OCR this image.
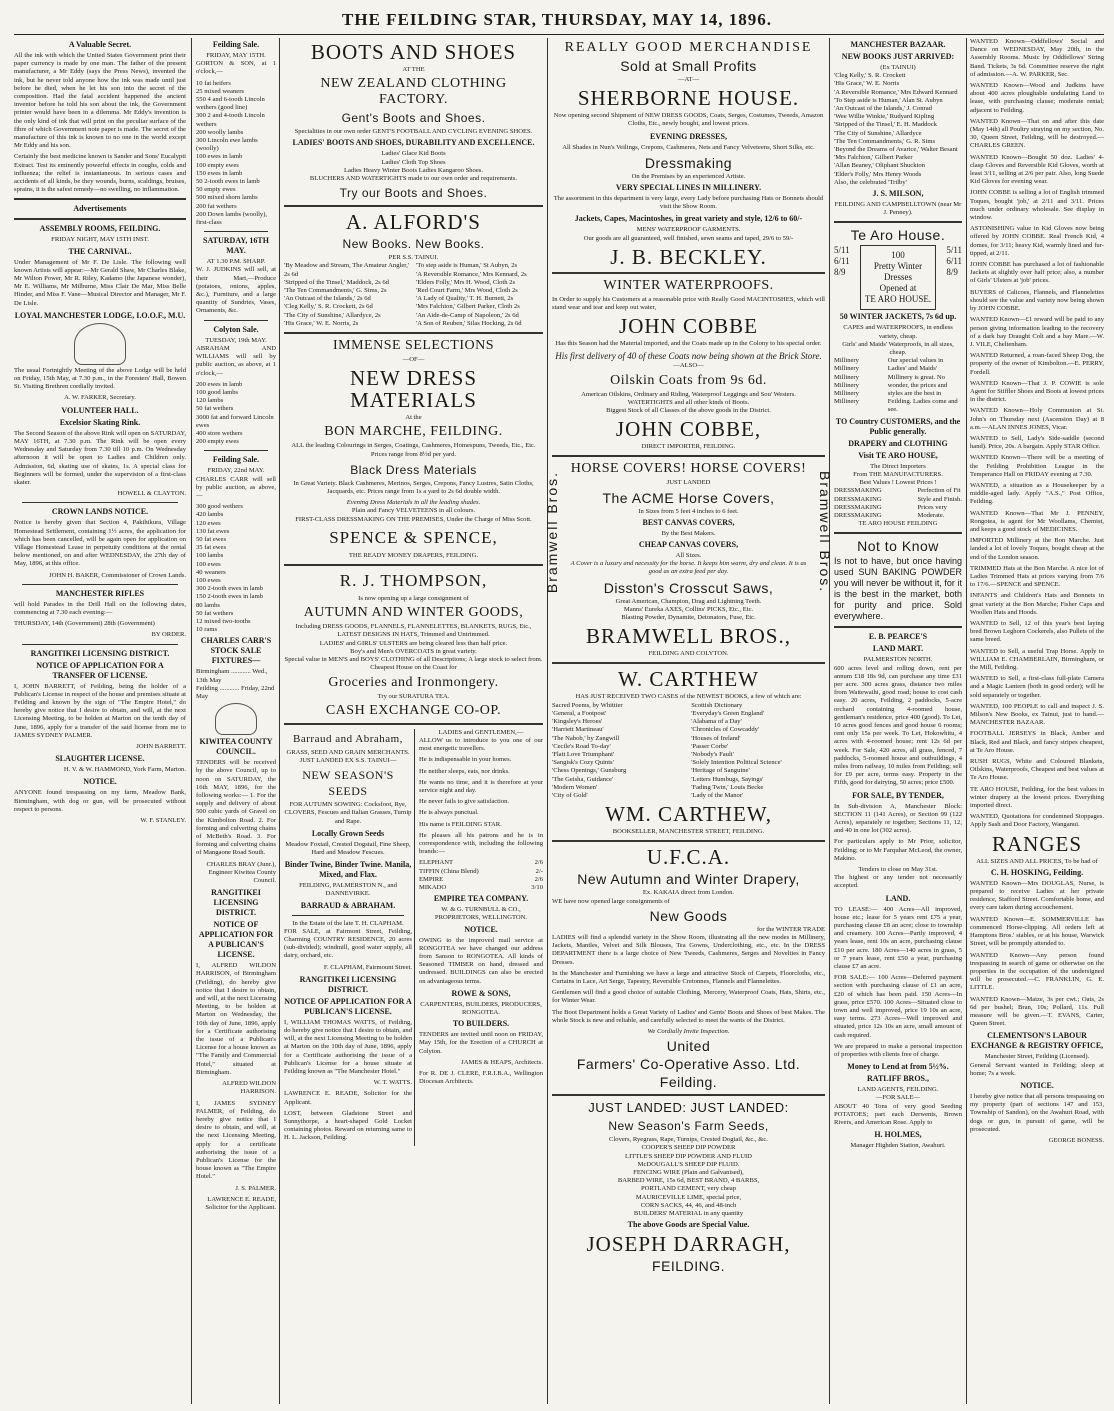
THE FEILDING STAR, THURSDAY, MAY 14, 1896.
A Valuable Secret.

All the ink with which the United States Government print their paper currency is made by one man. The father of the present manufacturer, a Mr Eddy (says the Press News), invented the ink, but he never told anyone how the ink was made until just before he died, when he let his son into the secret of the composition. Had the fatal accident happened the ancient inventor before he told his son about the ink, the Government printer would have been in a dilemma. Mr Eddy's invention is the only kind of ink that will print on the peculiar surface of the fibre of which Government note paper is made. The secret of the manufacture of this ink is known to no one in the world except Mr Eddy and his son.

Certainly the best medicine known is Sander and Sons' Eucalypti Extract. Test its eminently powerful effects in coughs, colds and influenza; the relief is instantaneous. In serious cases and accidents of all kinds, be they wounds, burns, scaldings, bruises, sprains, it is the safest remedy—no swelling, no inflammation.

Advertisements
ASSEMBLY ROOMS, FEILDING.
FRIDAY NIGHT, MAY 15TH INST.
THE CARNIVAL.

Under Management of Mr F. De Lisle. The following well known Artists will appear:—Mr Gerald Shaw, Mr Charles Blake, Mr Wilton Power, Mr R. Riley, Kadamo (the Japanese wonder), Mr E. Williams, Mr Milburne, Miss Clair De Mar, Miss Belle Hinder, and Miss F. Vane—Musical Director and Manager, Mr F. De Lisle.

LOYAL MANCHESTER LODGE, I.O.O.F., M.U.

The usual Fortnightly Meeting of the above Lodge will be held on Friday, 15th May, at 7.30 p.m., in the Foresters' Hall, Bowen St. Visiting Brethren cordially invited.

A. W. FARKER, Secretary.

VOLUNTEER HALL.
Excelsior Skating Rink.

The Second Season of the above Rink will open on SATURDAY, MAY 16TH, at 7.30 p.m. The Rink will be open every Wednesday and Saturday from 7.30 till 10 p.m. On Wednesday afternoon it will be open to Ladies and Children only. Admission, 6d, skating use of skates, 1s. A special class for Beginners will be formed, under the supervision of a first-class skater.

HOWELL & CLAYTON.

CROWN LANDS NOTICE.

Notice is hereby given that Section 4, Pakihikura, Village Homestead Settlement, containing 1½ acres, the application for which has been cancelled, will be again open for application on Village Homestead Lease in perpetuity conditions at the rental below mentioned, on and after WEDNESDAY, the 27th day of May, 1896, at this office.

JOHN H. BAKER, Commissioner of Crown Lands.

MANCHESTER RIFLES

will hold Parades in the Drill Hall on the following dates, commencing at 7.30 each evening:—

THURSDAY, 14th (Government) 28th (Government)

BY ORDER.

RANGITIKEI LICENSING DISTRICT.
NOTICE OF APPLICATION FOR A TRANSFER OF LICENSE.

I, JOHN BARRETT, of Feilding, being the holder of a Publican's License in respect of the house and premises situate at Feilding and known by the sign of "The Empire Hotel," do hereby give notice that I desire to obtain, and will, at the next Licensing Meeting, to be holden at Marton on the tenth day of June, 1896, apply for a transfer of the said license from me to JAMES SYDNEY PALMER.

JOHN BARRETT.

SLAUGHTER LICENSE.

H. V. & W. HAMMOND, York Farm, Marton.

NOTICE.

ANYONE found trespassing on my farm, Meadow Bank, Birmingham, with dog or gun, will be prosecuted without respect to persons.

W. F. STANLEY.

Feilding Sale.
FRIDAY, MAY 15TH.

GORTON & SON, at 1 o'clock,—

10 fat heifers
25 mixed weaners
550 4 and 6-tooth Lincoln wethers (good line)
300 2 and 4-tooth Lincoln wethers
200 woolly lambs
300 Lincoln ewe lambs (woolly)
100 ewes in lamb
100 empty ewes
150 ewes in lamb
50 2-tooth ewes in lamb
50 empty ewes
500 mixed shorn lambs
200 fat wethers
200 Down lambs (woolly), first-class
SATURDAY, 16TH MAY.
AT 1.30 P.M. SHARP.

W. J. JUDKINS will sell, at their Mart,—Produce (potatoes, onions, apples, &c.), Furniture, and a large quantity of Sundries, Vases, Ornaments, &c.

Colyton Sale.
TUESDAY, 19th MAY.

ABRAHAM AND WILLIAMS will sell by public auction, as above, at 1 o'clock,—

200 ewes in lamb
100 good lambs
120 lambs
50 fat wethers
3000 fat and forward Lincoln ewes
400 store wethers
200 empty ewes
Feilding Sale.
FRIDAY, 22nd MAY.

CHARLES CARR will sell by public auction, as above,—

300 good wethers
420 lambs
120 ewes
130 fat ewes
50 fat ewes
35 fat ewes
100 lambs
100 ewes
40 weaners
100 ewes
300 2-tooth ewes in lamb
150 2-tooth ewes in lamb
80 lambs
50 fat wethers
12 mixed two-tooths
10 rams
CHARLES CARR'S STOCK SALE FIXTURES—
Birmingham ............ Wed., 13th May
Feilding ............ Friday, 22nd May
KIWITEA COUNTY COUNCIL.

TENDERS will be received by the above Council, up to noon on SATURDAY, the 16th MAY, 1896, for the following works:— 1. For the supply and delivery of about 500 cubic yards of Gravel on the Kimbolton Road. 2. For forming and culverting chains of McBeth's Road. 3. For forming and culverting chains of Mangaone Road South.

CHARLES BRAY (Junr.), Engineer Kiwitea County Council.

RANGITIKEI LICENSING DISTRICT.
NOTICE OF APPLICATION FOR A PUBLICAN'S LICENSE.

I, ALFRED WILDON HARRISON, of Birmingham (Feilding), do hereby give notice that I desire to obtain, and will, at the next Licensing Meeting, to be holden at Marton on Wednesday, the 10th day of June, 1896, apply for a Certificate authorising the issue of a Publican's License for a house known as "The Family and Commercial Hotel," situated at Birmingham.

ALFRED WILDON HARRISON.

I, JAMES SYDNEY PALMER, of Feilding, do hereby give notice that I desire to obtain, and will, at the next Licensing Meeting, apply for a certificate authorising the issue of a Publican's License for the house known as "The Empire Hotel."

J. S. PALMER.

LAWRENCE E. READE, Solicitor for the Applicant.

BOOTS AND SHOES
AT THE
NEW ZEALAND CLOTHING FACTORY.
Gent's Boots and Shoes.
Specialities in our own order GENT'S FOOTBALL AND CYCLING EVENING SHOES.
LADIES' BOOTS AND SHOES, DURABILITY AND EXCELLENCE.
Ladies' Glace Kid Boots
Ladies' Cloth Top Shoes
Ladies Heavy Winter Boots Ladies Kangaroo Shoes.
BLUCHERS AND WATERTIGHTS made to our own order and requirements.
Try our Boots and Shoes.
A. ALFORD'S
New Books. New Books.
PER S.S. TAINUI.
'By Meadow and Stream, The Amateur Angler,' 2s 6d
'Stripped of the Tinsel,' Maddock, 2s 6d
'The Ten Commandments,' G. Sims, 2s
'An Outcast of the Islands,' 2s 6d
'Cleg Kelly,' S. R. Crockett, 2s 6d
'The City of Sunshine,' Allardyce, 2s
'His Grace,' W. E. Norris, 2s
'To step aside is Human,' St Aubyn, 2s
'A Reversible Romance,' Mrs Kennard, 2s
'Elders Folly,' Mrs H. Wood, Cloth 2s
'Red Court Farm,' Mrs Wood, Cloth 2s
'A Lady of Quality,' T. H. Burnett, 2s
'Mrs Falchion,' Gilbert Parker, Cloth 2s
'An Aide-de-Camp of Napoleon,' 2s 6d
'A Son of Reuben,' Silas Hocking, 2s 6d
IMMENSE SELECTIONS
—OF—
NEW DRESS MATERIALS
At the
BON MARCHE, FEILDING.

ALL the leading Colourings in Serges, Coatings, Cashmeres, Homespuns, Tweeds, Etc., Etc. Prices range from 8½d per yard.

Black Dress Materials

In Great Variety. Black Cashmeres, Merinos, Serges, Crepons, Fancy Lustres, Satin Cloths, Jacquards, etc. Prices range from 1s a yard to 2s 6d double width.

Evening Dress Materials in all the leading shades.
Plain and Fancy VELVETEENS in all colours.
FIRST-CLASS DRESSMAKING ON THE PREMISES, Under the Charge of Miss Scott.
SPENCE & SPENCE,
THE READY MONEY DRAPERS, FEILDING.
R. J. THOMPSON,
Is now opening up a large consignment of
AUTUMN AND WINTER GOODS,
Including DRESS GOODS, FLANNELS, FLANNELETTES, BLANKETS, RUGS, Etc.,
LATEST DESIGNS IN HATS, Trimmed and Untrimmed.
LADIES' and GIRLS' ULSTERS are being cleared less than half price.
Boy's and Men's OVERCOATS in great variety.
Special value in MEN'S and BOYS' CLOTHING of all Descriptions; A large stock to select from.
Cheapest House on the Coast for
Groceries and Ironmongery.
Try our SURATURA TEA.
CASH EXCHANGE CO-OP.
Barraud and Abraham,
GRASS, SEED AND GRAIN MERCHANTS.
JUST LANDED EX S.S. TAINUI—
NEW SEASON'S SEEDS

FOR AUTUMN SOWING: Cocksfoot, Rye, CLOVERS, Fescues and Italian Grasses, Turnip and Rape.

Locally Grown Seeds

Meadow Foxtail, Crested Dogstail, Fine Sheep, Hard and Meadow Fescues.

Binder Twine, Binder Twine. Manila, Mixed, and Flax.
FEILDING, PALMERSTON N., and DANNEVIRKE.
BARRAUD & ABRAHAM.
In the Estate of the late T. H. CLAPHAM.

FOR SALE, at Fairmont Street, Feilding, Charming COUNTRY RESIDENCE, 20 acres (sub-divided); windmill, good water supply, all dairy, orchard, etc.

F. CLAPHAM, Fairmount Street.

RANGITIKEI LICENSING DISTRICT.
NOTICE OF APPLICATION FOR A PUBLICAN'S LICENSE.

I, WILLIAM THOMAS WATTS, of Feilding, do hereby give notice that I desire to obtain, and will, at the next Licensing Meeting to be holden at Marton on the 10th day of June, 1896, apply for a Certificate authorising the issue of a Publican's License for a house situate at Feilding known as "The Manchester Hotel."

W. T. WATTS.

LAWRENCE E. READE, Solicitor for the Applicant.

LOST, between Gladstone Street and Sunnythorpe, a heart-shaped Gold Locket containing photos. Reward on returning same to H. L. Jackson, Feilding.

LADIES and GENTLEMEN,—

ALLOW us to introduce to you one of our most energetic travellers.

He is indispensable in your homes.

He neither sleeps, eats, nor drinks.

He wants no time, and it is therefore at your service night and day.

He never fails to give satisfaction.

He is always punctual.

His name is FEILDING STAR.

He pleases all his patrons and he is in correspondence with, including the following brands:—

ELEPHANT	2/6
TIFFIN (China Blend)	2/-
EMPIRE	2/6
MIKADO	3/10
EMPIRE TEA COMPANY.
W. & G. TURNBULL & CO., PROPRIETORS, WELLINGTON.
NOTICE.

OWING to the improved mail service at RONGOTEA we have changed our address from Sanson to RONGOTEA. All kinds of Seasoned TIMBER on hand, dressed and undressed. BUILDINGS can also be erected on advantageous terms.

ROWE & SONS,
CARPENTERS, BUILDERS, PRODUCERS, RONGOTEA.
TO BUILDERS.

TENDERS are invited until noon on FRIDAY, May 15th, for the Erection of a CHURCH at Colyton.

JAMES & HEAPS, Architects.

For R. DE J. CLERE, F.R.I.B.A., Wellington Diocesan Architects.

REALLY GOOD MERCHANDISE
Sold at Small Profits
—AT—
SHERBORNE HOUSE.

Now opening second Shipment of NEW DRESS GOODS, Coats, Serges, Costumes, Tweeds, Amazon Cloths, Etc., newly bought, and lowest prices.

EVENING DRESSES,

All Shades in Nun's Veilings, Crepons, Cashmeres, Nets and Fancy Velveteens, Short Silks, etc.

Dressmaking
On the Premises by an experienced Artiste.
VERY SPECIAL LINES IN MILLINERY.

The assortment in this department is very large, every Lady before purchasing Hats or Bonnets should visit the Show Room.

Jackets, Capes, Macintoshes, in great variety and style, 12/6 to 60/-
MENS' WATERPROOF GARMENTS.
Our goods are all guaranteed, well finished, sewn seams and taped, 29/6 to 59/-
J. B. BECKLEY.
WINTER WATERPROOFS.

In Order to supply his Customers at a reasonable price with Really Good MACINTOSHES, which will stand wear and tear and keep out water,

JOHN COBBE

Has this Season had the Material imported, and the Coats made up in the Colony to his special order.

His first delivery of 40 of these Coats now being shown at the Brick Store.
—ALSO—
Oilskin Coats from 9s 6d.
American Oilskins, Ordinary and Riding, Waterproof Leggings and Sou' Westers.
WATERTIGHTS and all other kinds of Boots.
Biggest Stock of all Classes of the above goods in the District.
JOHN COBBE,
DIRECT IMPORTER, FEILDING.
Bramwell Bros.	Bramwell Bros.
HORSE COVERS! HORSE COVERS!
JUST LANDED
The ACME Horse Covers,
In Sizes from 5 feet 4 inches to 6 feet.
BEST CANVAS COVERS,
By the Best Makers.
CHEAP CANVAS COVERS,
All Sizes.

A Cover is a luxury and necessity for the horse. It keeps him warm, dry and clean. It is as good as an extra feed per day.

Disston's Crosscut Saws,
Great American, Champion, Drag and Lightning Teeth.
Manns' Eureka AXES, Collins' PICKS, Etc., Etc.
Blasting Powder, Dynamite, Detonators, Fuse, Etc.
BRAMWELL BROS.,
FEILDING AND COLYTON.
W. CARTHEW
HAS JUST RECEIVED TWO CASES of the NEWEST BOOKS, a few of which are:
Sacred Poems, by Whittier
'General, a Footpost'
'Kingsley's Heroes'
'Harriett Martineau'
'The Nabob,' by Zangwill
'Cecile's Road To-day'
'Flatt Love Triumphant'
'Sangisk's Cozy Quints'
'Chess Openings,' Gunsburg
'The Geisha, Guidance'
'Modern Women'
'City of Gold'
Scottish Dictionary
'Everyday's Green England'
'Alabama of a Day'
'Chronicles of Cowcaddy'
'Houses of Ireland'
'Passer Corbe'
'Nobody's Fault'
'Solely Intention Political Science'
'Heritage of Sanguine'
'Letters Humbugs, Sayings'
'Fading Twin,' Louis Becke
'Lady of the Manor'
WM. CARTHEW,
BOOKSELLER, MANCHESTER STREET, FEILDING.
U.F.C.A.
New Autumn and Winter Drapery,
Ex. KAKAIA direct from London.
WE have now opened large consignments of
New Goods
for the WINTER TRADE

LADIES will find a splendid variety in the Show Room, illustrating all the new modes in Millinery, Jackets, Mantles, Velvet and Silk Blouses, Tea Gowns, Underclothing, etc., etc. In the DRESS DEPARTMENT there is a large choice of New Tweeds, Cashmeres, Serges and Novelties in Fancy Dresses.

In the Manchester and Furnishing we have a large and attractive Stock of Carpets, Floorcloths, etc., Curtains in Lace, Art Serge, Tapestry, Reversible Cretonnes, Flannels and Flannelettes.

Gentlemen will find a good choice of suitable Clothing, Mercery, Waterproof Coats, Hats, Shirts, etc., for Winter Wear.

The Boot Department holds a Great Variety of Ladies' and Gents' Boots and Shoes of best Makes. The whole Stock is new and reliable, and carefully selected to meet the wants of the District.

We Cordially Invite Inspection.
United
Farmers' Co-Operative Asso. Ltd.
Feilding.
JUST LANDED: JUST LANDED:
New Season's Farm Seeds,
Clovers, Ryegrass, Rape, Turnips, Crested Dogtail, &c., &c.
COOPER'S SHEEP DIP POWDER
LITTLE'S SHEEP DIP POWDER AND FLUID
McDOUGALL'S SHEEP DIP FLUID.
FENCING WIRE (Plain and Galvanised),
BARBED WIRE, 15s 6d, BEST BRAND, 4 BARBS,
PORTLAND CEMENT, very cheap
MAURICEVILLE LIME, special price,
CORN SACKS, 44, 46, and 48-inch
BUILDERS' MATERIAL in any quantity
The above Goods are Special Value.
JOSEPH DARRAGH,
FEILDING.
MANCHESTER BAZAAR.
NEW BOOKS JUST ARRIVED:
(Ex TAINUI)
'Cleg Kelly,' S. R. Crockett
'His Grace,' W. E. Norris
'A Reversible Romance,' Mrs Edward Kennard
'To Step aside is Human,' Alan St. Aubyn
'An Outcast of the Islands,' J. Conrad
'Wee Willie Winkie,' Rudyard Kipling
'Stripped of the Tinsel,' E. H. Maddock
'The City of Sunshine,' Allardyce
'The Ten Commandments,' G. R. Sims
'Beyond the Dreams of Avarice,' Walter Besant
'Mrs Falchion,' Gilbert Parker
'Allan Beaney,' Oliphant Shuckton
'Elder's Folly,' Mrs Henry Woods
Also, the celebrated 'Trilby'
J. S. MILSON,
FEILDING AND CAMPBELLTOWN (near Mr J. Penney).
Te Aro House.
5/11
6/11
8/9
100
Pretty Winter
Dresses
Opened at
TE ARO HOUSE.
5/11
6/11
8/9
50 WINTER JACKETS, 7s 6d up.
CAPES and WATERPROOFS, in endless variety, cheap.
Girls' and Maids' Waterproofs, in all sizes, cheap.
Millinery
Millinery
Millinery
Millinery
Millinery
Millinery
Our special values in Ladies' and Maids' Millinery is great. No wonder, the prices and styles are the best in Feilding. Ladies come and see.
TO Country CUSTOMERS, and the Public generally.
DRAPERY and CLOTHING
Visit TE ARO HOUSE,
The Direct Importers
From THE MANUFACTURERS.
Best Values ! Lowest Prices !
DRESSMAKING
DRESSMAKING
DRESSMAKING
DRESSMAKING
Perfection of Fit
Style and Finish.
Prices very
Moderate.
TE ARO HOUSE FEILDING
Not to Know

Is not to have, but once having used SUN BAKING POWDER you will never be without it, for it is the best in the market, both for purity and price. Sold everywhere.

E. B. PEARCE'S
LAND MART.
PALMERSTON NORTH.

600 acres level and rolling down, rent per annum £18 18s 9d, can purchase any time £31 per acre. 300 acres grass, distance two miles from Waitewaihi, good road; house to cost cash easy. 20 acres, Feilding, 2 paddocks, 5-acre orchard containing 4-roomed house, gentleman's residence, price 400 (good). To Let, 10 acres good fences and good house 6 rooms; rent only 15s per week. To Let, Hokowhitu, 4 acres with 4-roomed house; rent 12s 6d per week. For Sale, 420 acres, all grass, fenced, 7 paddocks, 5-roomed house and outbuildings, 4 miles from railway, 10 miles from Feilding; sell for £9 per acre, terms easy. Property in the Fifth, good for dairying, 50 acres; price £500.

FOR SALE, BY TENDER,

In Sub-division A, Manchester Block: SECTION 11 (141 Acres), or Section 99 (122 Acres), separately or together; Sections 11, 12, and 40 in one lot (302 acres).

For particulars apply to Mr Prior, solicitor, Feilding; or to Mr Farquhar McLeod, the owner, Makino.

Tenders to close on May 31st.

The highest or any tender not necessarily accepted.

LAND.

TO LEASE:— 400 Acres—All improved, house etc.; lease for 5 years rent £75 a year, purchasing clause £8 an acre; close to township and creamery. 100 Acres—Partly improved, 4 years lease, rent 10s an acre, purchasing clause £10 per acre. 180 Acres—140 acres in grass, 5 or 7 years lease, rent £50 a year, purchasing clause £7 an acre.

FOR SALE:— 100 Acres—Deferred payment section with purchasing clause of £1 an acre, £20 of which has been paid. 150 Acres—In grass, price £570. 100 Acres—Situated close to town and well improved, price 19 10s an acre, easy terms. 273 Acres—Well improved and situated, price 12s 10s an acre, small amount of cash required.

We are prepared to make a personal inspection of properties with clients free of charge.

Money to Lend at from 5½%.
RATLIFF BROS.,
LAND AGENTS, FEILDING.
—FOR SALE—

ABOUT 40 Tons of very good Seeding POTATOES; part each Derwents, Brown Rivers, and American Rose. Apply to

H. HOLMES,
Manager Highden Station, Awahuri.

WANTED Known—Oddfellows' Social and Dance on WEDNESDAY, May 20th, in the Assembly Rooms. Music by Oddfellows' String Band. Tickets, 3s 6d. Committee reserve the right of admission.—A. W. PARKER, Sec.

WANTED Known—Wood and Judkins have about 400 acres ploughable undulating Land to lease, with purchasing clause; moderate rental; adjacent to Feilding.

WANTED Known—That on and after this date (May 14th) all Poultry straying on my section, No. 30, Queen Street, Feilding, will be destroyed.—CHARLES GREEN.

WANTED Known—Bought 50 doz. Ladies' 4-clasp Gloves and Reversible Kid Gloves, worth at least 3/11, selling at 2/6 per pair. Also, long Suede Kid Gloves for evening wear.

JOHN COBBE is selling a lot of English trimmed Toques, bought 'job,' at 2/11 and 3/11. Prices much under ordinary wholesale. See display in window.

ASTONISHING value in Kid Gloves now being offered by JOHN COBBE. Real French Kid, 4 domes, for 3/11; heavy Kid, warmly lined and fur-tipped, at 2/11.

JOHN COBBE has purchased a lot of fashionable Jackets at slightly over half price; also, a number of Girls' Ulsters at 'job' prices.

BUYERS of Calicoes, Flannels, and Flannelettes should see the value and variety now being shown by JOHN COBBE.

WANTED Known—£1 reward will be paid to any person giving information leading to the recovery of a dark bay Draught Colt and a bay Mare.—W. J. VILE, Cheltenham.

WANTED Returned, a roan-faced Sheep Dog, the property of the owner of Kimbolton.—E. PERRY, Fordell.

WANTED Known—That J. P. COWIE is sole Agent for Stiffler Shoes and Boots at lowest prices in the district.

WANTED Known—Holy Communion at St. John's on Thursday next (Ascension Day) at 8 a.m.—ALAN INNES JONES, Vicar.

WANTED to Sell, Lady's Side-saddle (second hand). Price, 20s. A bargain. Apply STAR Office.

WANTED Known—There will be a meeting of the Feilding Prohibition League in the Temperance Hall on FRIDAY evening at 7.30.

WANTED, a situation as a Housekeeper by a middle-aged lady. Apply "A.S.," Post Office, Feilding.

WANTED Known—That Mr J. PENNEY, Rongotea, is agent for Mr Woollams, Chemist, and keeps a good stock of MEDICINES.

IMPORTED Millinery at the Bon Marche. Just landed a lot of lovely Toques, bought cheap at the end of the London season.

TRIMMED Hats at the Bon Marche. A nice lot of Ladies Trimmed Hats at prices varying from 7/6 to 17/6.—SPENCE and SPENCE.

INFANTS and Children's Hats and Bonnets in great variety at the Bon Marche; Fisher Caps and Woollen Hats and Hoods.

WANTED to Sell, 12 of this year's best laying bred Brown Leghorn Cockerels, also Pullets of the same breed.

WANTED to Sell, a useful Trap Horse. Apply to WILLIAM E. CHAMBERLAIN, Birmingham, or the Mill, Feilding.

WANTED to Sell, a first-class full-plate Camera and a Magic Lantern (both in good order); will be sold separately or together.

WANTED, 100 PEOPLE to call and inspect J. S. Milson's New Books, ex Tainui, just to hand.—MANCHESTER BAZAAR.

FOOTBALL JERSEYS in Black, Amber and Black, Red and Black, and fancy stripes cheapest, at Te Aro House.

RUSH RUGS, White and Coloured Blankets, Oilskins, Waterproofs, Cheapest and best values at Te Aro House.

TE ARO HOUSE, Feilding, for the best values in winter drapery at the lowest prices. Everything imported direct.

WANTED, Quotations for condemned Stoppages. Apply Sash and Door Factory, Wanganui.

RANGES
ALL SIZES AND ALL PRICES, To be had of
C. H. HOSKING, Feilding.

WANTED Known—Mrs DOUGLAS, Nurse, is prepared to receive Ladies at her private residence, Stafford Street. Comfortable home, and every care taken during accouchement.

WANTED Known—E. SOMMERVILLE has commenced Horse-clipping. All orders left at Hamptons Bros.' stables, or at his house, Warwick Street, will be promptly attended to.

WANTED Known—Any person found trespassing in search of game or otherwise on the properties in the occupation of the undersigned will be prosecuted.—C. FRANKLIN, G. E. LITTLE.

WANTED Known—Maize, 3s per cwt.; Oats, 2s 6d per bushel; Bran, 10s; Pollard, 11s. Full measure will be given.—T. EVANS, Carter, Queen Street.

CLEMENTSON'S LABOUR EXCHANGE & REGISTRY OFFICE,
Manchester Street, Feilding (Licensed).

General Servant wanted in Feilding; sleep at home; 7s a week.

NOTICE.

I hereby give notice that all persons trespassing on my property (part of sections 147 and 153, Township of Sandon), on the Awahuri Road, with dogs or gun, in pursuit of game, will be prosecuted.

GEORGE BONESS.
